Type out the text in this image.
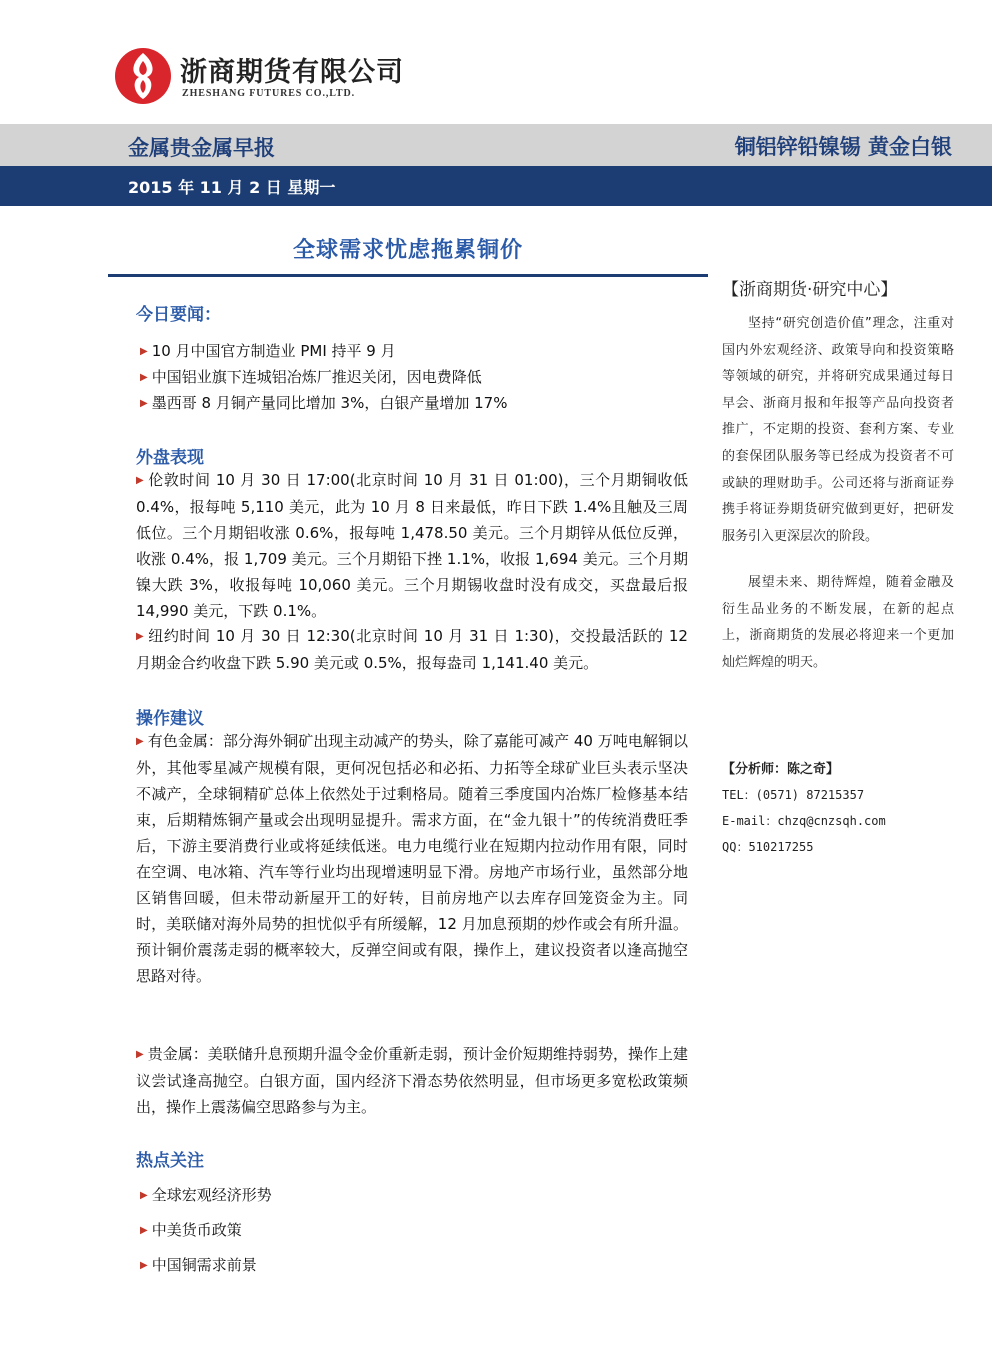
浙商期货有限公司
ZHESHANG FUTURES CO.,LTD.
金属贵金属早报	铜铝锌铅镍锡 黄金白银
2015 年 11 月 2 日 星期一
全球需求忧虑拖累铜价
今日要闻：
▶ 10 月中国官方制造业 PMI 持平 9 月
▶ 中国铝业旗下连城铝冶炼厂推迟关闭，因电费降低
▶ 墨西哥 8 月铜产量同比增加 3%，白银产量增加 17%
外盘表现
▶ 伦敦时间 10 月 30 日 17:00(北京时间 10 月 31 日 01:00)，三个月期铜收低 0.4%，报每吨 5,110 美元，此为 10 月 8 日来最低，昨日下跌 1.4%且触及三周低位。三个月期铝收涨 0.6%，报每吨 1,478.50 美元。三个月期锌从低位反弹，收涨 0.4%，报 1,709 美元。三个月期铅下挫 1.1%，收报 1,694 美元。三个月期镍大跌 3%，收报每吨 10,060 美元。三个月期锡收盘时没有成交，买盘最后报 14,990 美元，下跌 0.1%。
▶ 纽约时间 10 月 30 日 12:30(北京时间 10 月 31 日 1:30)，交投最活跃的 12 月期金合约收盘下跌 5.90 美元或 0.5%，报每盎司 1,141.40 美元。
操作建议
▶ 有色金属：部分海外铜矿出现主动减产的势头，除了嘉能可减产 40 万吨电解铜以外，其他零星减产规模有限，更何况包括必和必拓、力拓等全球矿业巨头表示坚决不减产，全球铜精矿总体上依然处于过剩格局。随着三季度国内冶炼厂检修基本结束，后期精炼铜产量或会出现明显提升。需求方面，在“金九银十”的传统消费旺季后，下游主要消费行业或将延续低迷。电力电缆行业在短期内拉动作用有限，同时在空调、电冰箱、汽车等行业均出现增速明显下滑。房地产市场行业，虽然部分地区销售回暖，但未带动新屋开工的好转，目前房地产以去库存回笼资金为主。同时，美联储对海外局势的担忧似乎有所缓解，12 月加息预期的炒作或会有所升温。预计铜价震荡走弱的概率较大，反弹空间或有限，操作上，建议投资者以逢高抛空思路对待。
▶ 贵金属：美联储升息预期升温令金价重新走弱，预计金价短期维持弱势，操作上建议尝试逢高抛空。白银方面，国内经济下滑态势依然明显，但市场更多宽松政策频出，操作上震荡偏空思路参与为主。
热点关注
▶ 全球宏观经济形势
▶ 中美货币政策
▶ 中国铜需求前景
【浙商期货·研究中心】
坚持“研究创造价值”理念，注重对国内外宏观经济、政策导向和投资策略等领域的研究，并将研究成果通过每日早会、浙商月报和年报等产品向投资者推广，不定期的投资、套利方案、专业的套保团队服务等已经成为投资者不可或缺的理财助手。公司还将与浙商证券携手将证券期货研究做到更好，把研发服务引入更深层次的阶段。
展望未来、期待辉煌，随着金融及衍生品业务的不断发展，在新的起点上，浙商期货的发展必将迎来一个更加灿烂辉煌的明天。
【分析师：陈之奇】
TEL：(0571) 87215357
E-mail：chzq@cnzsqh.com
QQ：510217255
